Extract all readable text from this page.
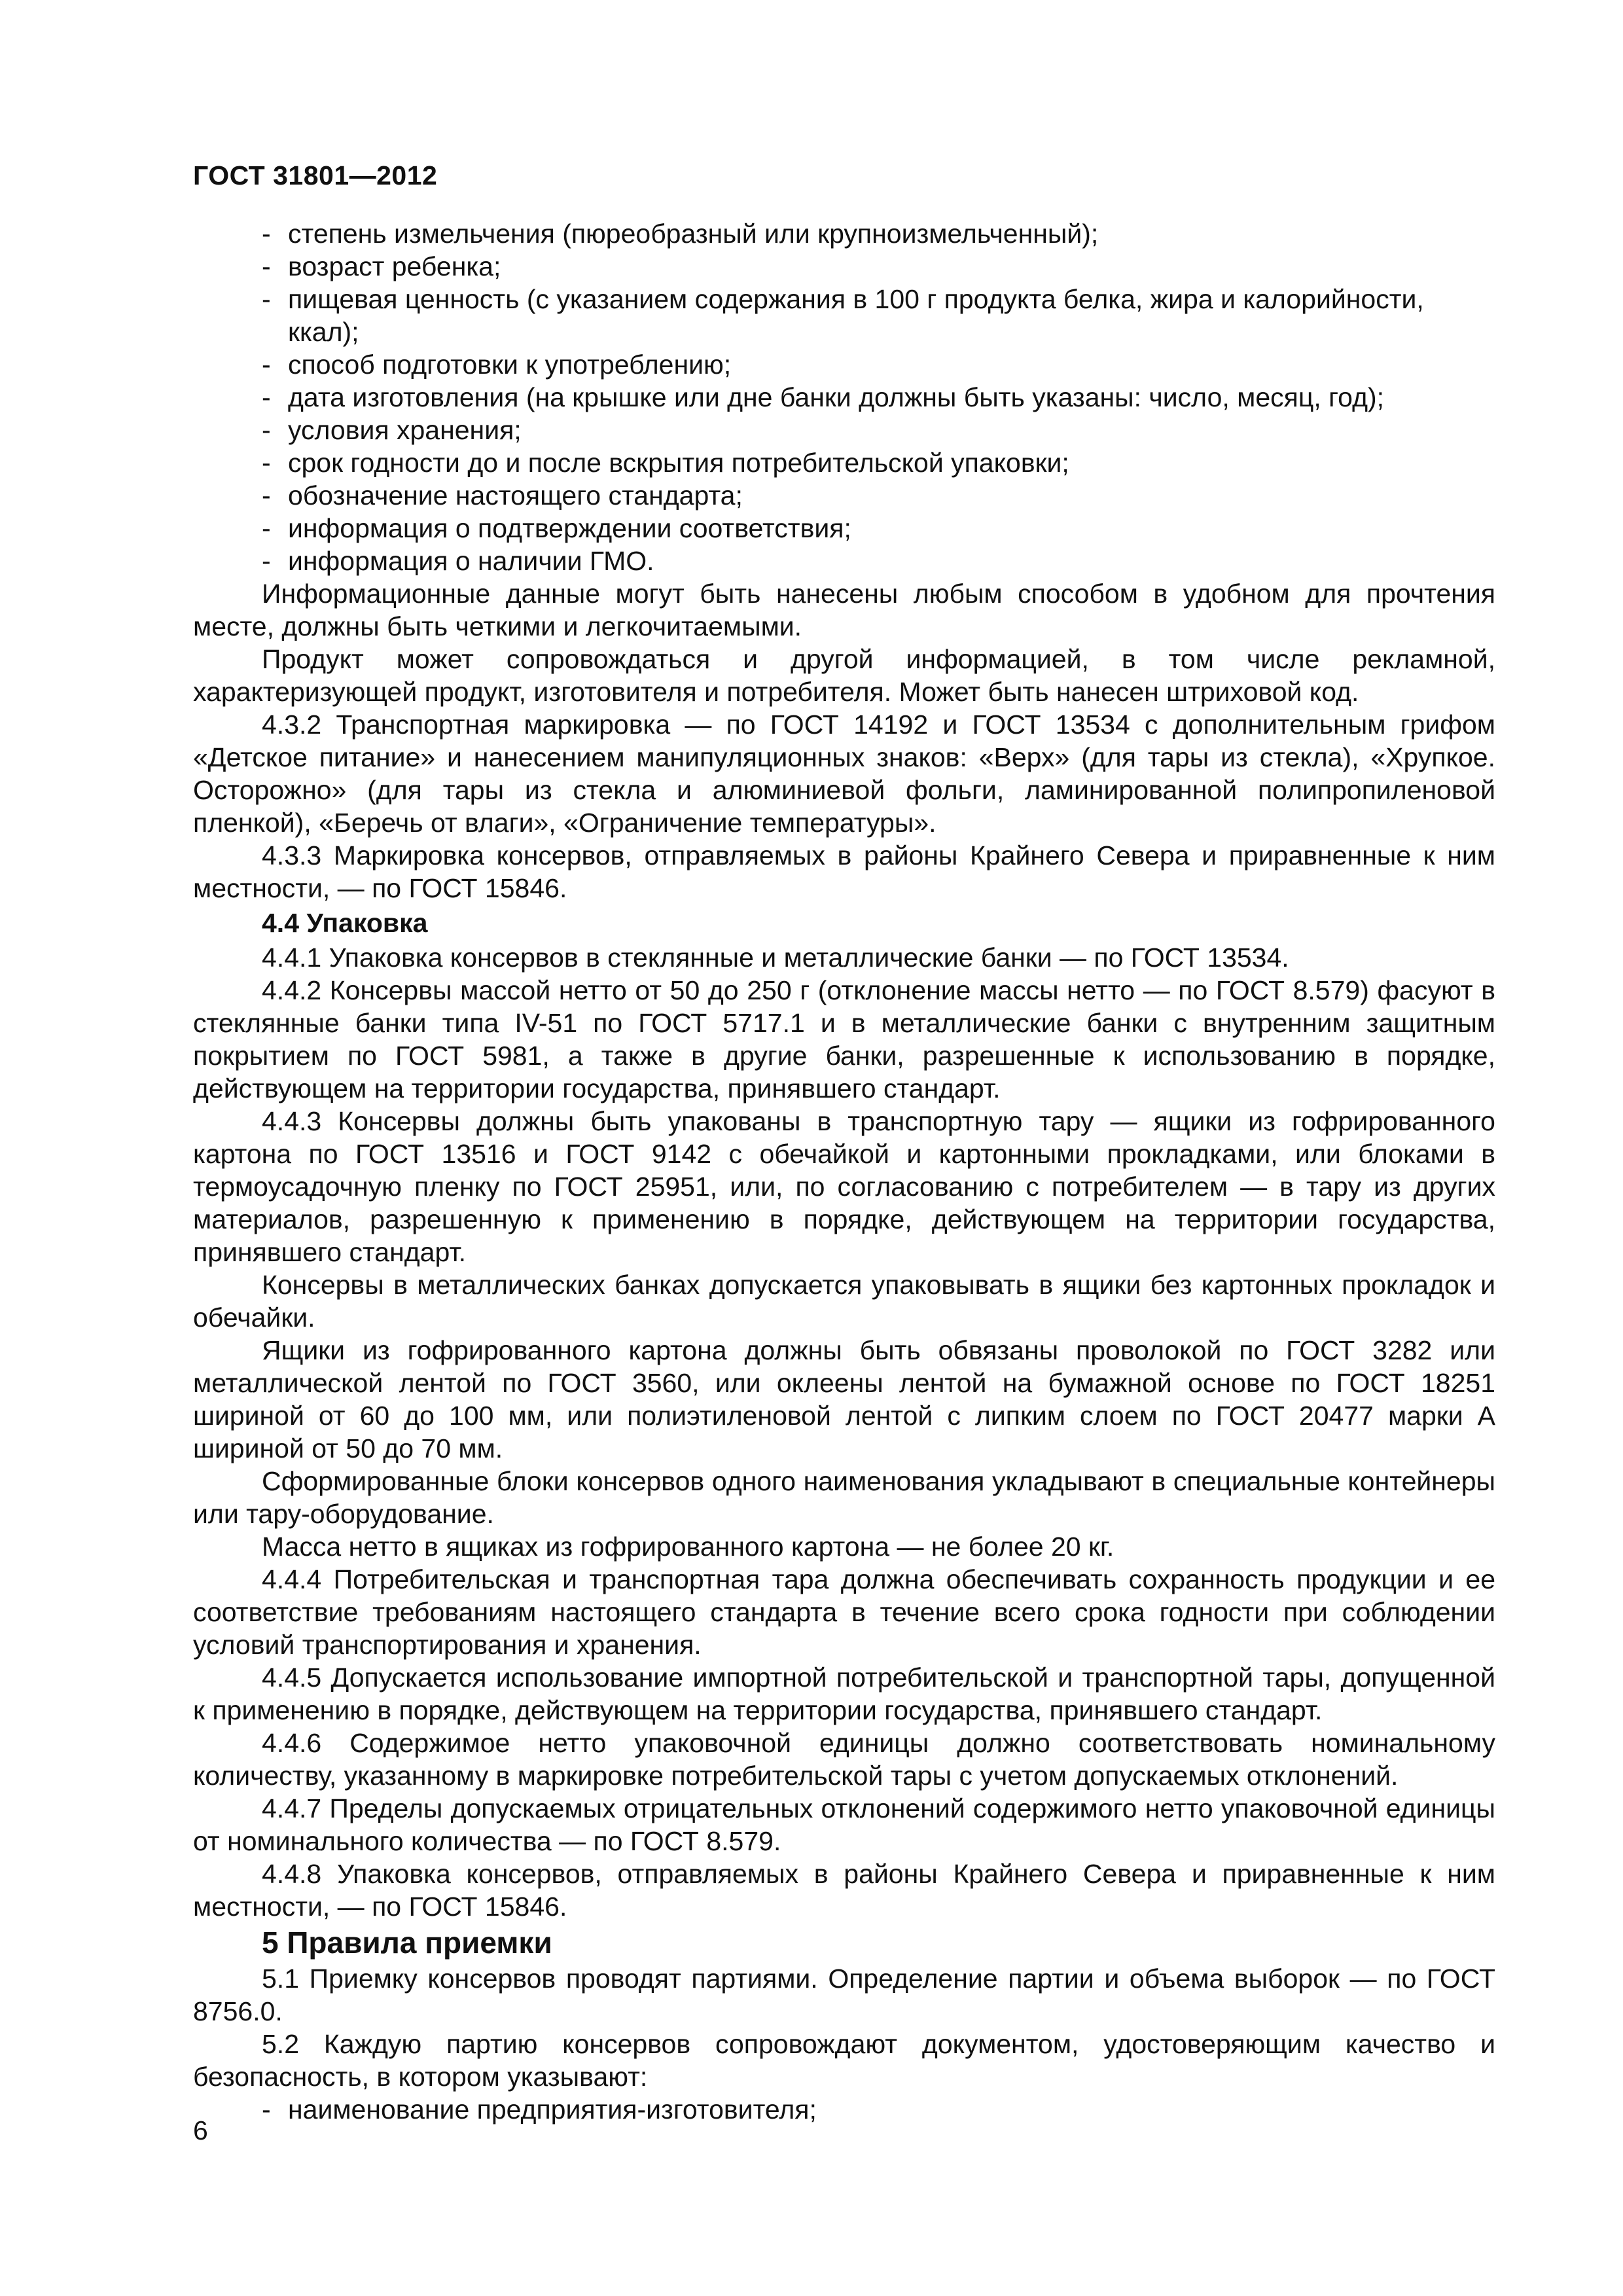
ГОСТ 31801—2012
- степень измельчения (пюреобразный или крупноизмельченный);
- возраст ребенка;
- пищевая ценность (с указанием содержания в 100 г продукта белка, жира и калорийности, ккал);
- способ подготовки к употреблению;
- дата изготовления (на крышке или дне банки должны быть указаны: число, месяц, год);
- условия хранения;
- срок годности до и после вскрытия потребительской упаковки;
- обозначение настоящего стандарта;
- информация о подтверждении соответствия;
- информация о наличии ГМО.

Информационные данные могут быть нанесены любым способом в удобном для прочтения месте, должны быть четкими и легкочитаемыми.

Продукт может сопровождаться и другой информацией, в том числе рекламной, характеризующей продукт, изготовителя и потребителя. Может быть нанесен штриховой код.

4.3.2 Транспортная маркировка — по ГОСТ 14192 и ГОСТ 13534 с дополнительным грифом «Детское питание» и нанесением манипуляционных знаков: «Верх» (для тары из стекла), «Хрупкое. Осторожно» (для тары из стекла и алюминиевой фольги, ламинированной полипропиленовой пленкой), «Беречь от влаги», «Ограничение температуры».

4.3.3 Маркировка консервов, отправляемых в районы Крайнего Севера и приравненные к ним местности, — по ГОСТ 15846.

4.4 Упаковка

4.4.1 Упаковка консервов в стеклянные и металлические банки — по ГОСТ 13534.

4.4.2 Консервы массой нетто от 50 до 250 г (отклонение массы нетто — по ГОСТ 8.579) фасуют в стеклянные банки типа IV-51 по ГОСТ 5717.1 и в металлические банки с внутренним защитным покрытием по ГОСТ 5981, а также в другие банки, разрешенные к использованию в порядке, действующем на территории государства, принявшего стандарт.

4.4.3 Консервы должны быть упакованы в транспортную тару — ящики из гофрированного картона по ГОСТ 13516 и ГОСТ 9142 с обечайкой и картонными прокладками, или блоками в термоусадочную пленку по ГОСТ 25951, или, по согласованию с потребителем — в тару из других материалов, разрешенную к применению в порядке, действующем на территории государства, принявшего стандарт.

Консервы в металлических банках допускается упаковывать в ящики без картонных прокладок и обечайки.

Ящики из гофрированного картона должны быть обвязаны проволокой по ГОСТ 3282 или металлической лентой по ГОСТ 3560, или оклеены лентой на бумажной основе по ГОСТ 18251 шириной от 60 до 100 мм, или полиэтиленовой лентой с липким слоем по ГОСТ 20477 марки А шириной от 50 до 70 мм.

Сформированные блоки консервов одного наименования укладывают в специальные контейнеры или тару-оборудование.

Масса нетто в ящиках из гофрированного картона — не более 20 кг.

4.4.4 Потребительская и транспортная тара должна обеспечивать сохранность продукции и ее соответствие требованиям настоящего стандарта в течение всего срока годности при соблюдении условий транспортирования и хранения.

4.4.5 Допускается использование импортной потребительской и транспортной тары, допущенной к применению в порядке, действующем на территории государства, принявшего стандарт.

4.4.6 Содержимое нетто упаковочной единицы должно соответствовать номинальному количеству, указанному в маркировке потребительской тары с учетом допускаемых отклонений.

4.4.7 Пределы допускаемых отрицательных отклонений содержимого нетто упаковочной единицы от номинального количества — по ГОСТ 8.579.

4.4.8 Упаковка консервов, отправляемых в районы Крайнего Севера и приравненные к ним местности, — по ГОСТ 15846.

5 Правила приемки

5.1 Приемку консервов проводят партиями. Определение партии и объема выборок — по ГОСТ 8756.0.

5.2 Каждую партию консервов сопровождают документом, удостоверяющим качество и безопасность, в котором указывают:

- наименование предприятия-изготовителя;
6
